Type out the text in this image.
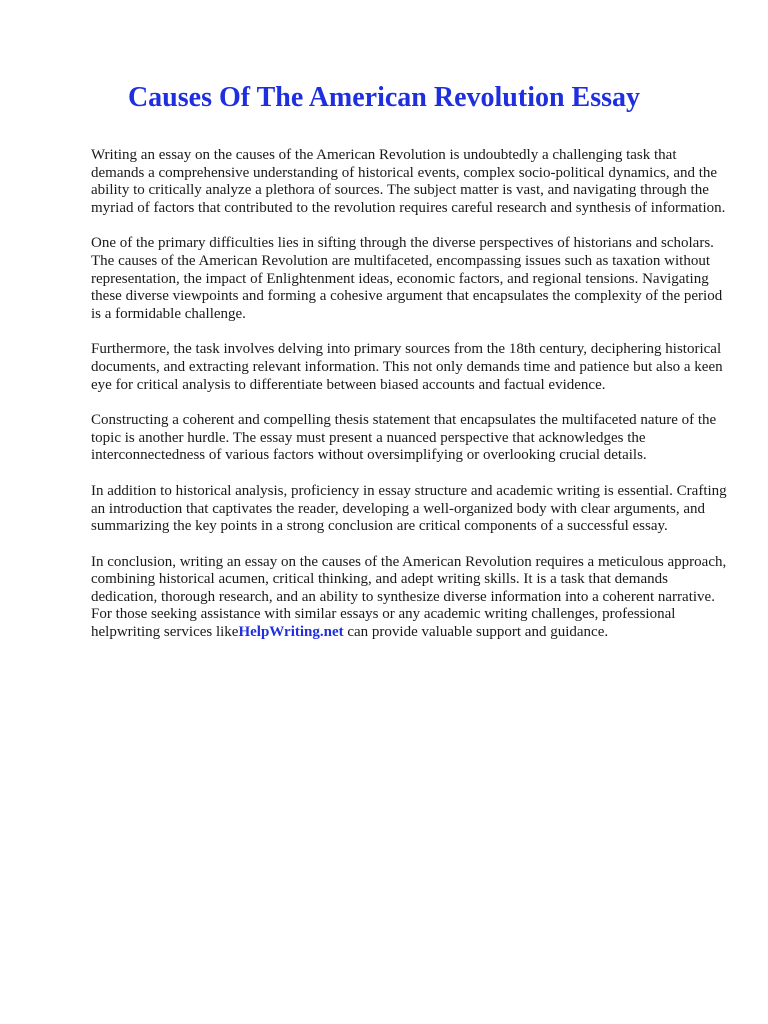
Causes Of The American Revolution Essay

Writing an essay on the causes of the American Revolution is undoubtedly a challenging task that demands a comprehensive understanding of historical events, complex socio-political dynamics, and the ability to critically analyze a plethora of sources. The subject matter is vast, and navigating through the myriad of factors that contributed to the revolution requires careful research and synthesis of information.

One of the primary difficulties lies in sifting through the diverse perspectives of historians and scholars. The causes of the American Revolution are multifaceted, encompassing issues such as taxation without representation, the impact of Enlightenment ideas, economic factors, and regional tensions. Navigating these diverse viewpoints and forming a cohesive argument that encapsulates the complexity of the period is a formidable challenge.

Furthermore, the task involves delving into primary sources from the 18th century, deciphering historical documents, and extracting relevant information. This not only demands time and patience but also a keen eye for critical analysis to differentiate between biased accounts and factual evidence.

Constructing a coherent and compelling thesis statement that encapsulates the multifaceted nature of the topic is another hurdle. The essay must present a nuanced perspective that acknowledges the interconnectedness of various factors without oversimplifying or overlooking crucial details.

In addition to historical analysis, proficiency in essay structure and academic writing is essential. Crafting an introduction that captivates the reader, developing a well-organized body with clear arguments, and summarizing the key points in a strong conclusion are critical components of a successful essay.

In conclusion, writing an essay on the causes of the American Revolution requires a meticulous approach, combining historical acumen, critical thinking, and adept writing skills. It is a task that demands dedication, thorough research, and an ability to synthesize diverse information into a coherent narrative. For those seeking assistance with similar essays or any academic writing challenges, professional helpwriting services likeHelpWriting.net can provide valuable support and guidance.
